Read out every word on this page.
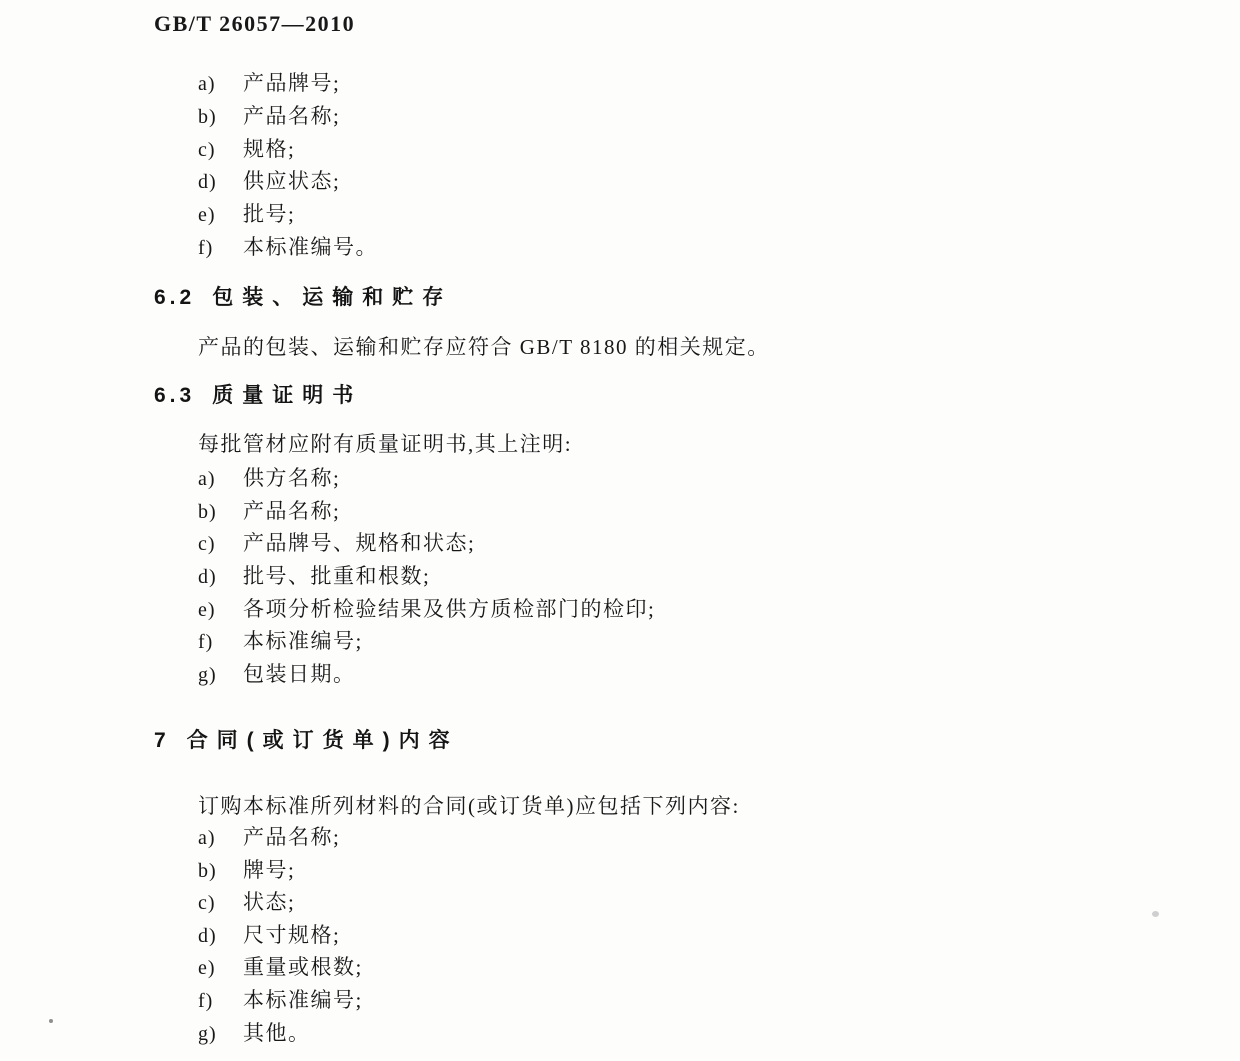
GB/T 26057—2010
a) 产品牌号;
b) 产品名称;
c) 规格;
d) 供应状态;
e) 批号;
f) 本标准编号。
6.2 包装、运输和贮存
产品的包装、运输和贮存应符合 GB/T 8180 的相关规定。
6.3 质量证明书
每批管材应附有质量证明书,其上注明:
a) 供方名称;
b) 产品名称;
c) 产品牌号、规格和状态;
d) 批号、批重和根数;
e) 各项分析检验结果及供方质检部门的检印;
f) 本标准编号;
g) 包装日期。
7 合同(或订货单)内容
订购本标准所列材料的合同(或订货单)应包括下列内容:
a) 产品名称;
b) 牌号;
c) 状态;
d) 尺寸规格;
e) 重量或根数;
f) 本标准编号;
g) 其他。
